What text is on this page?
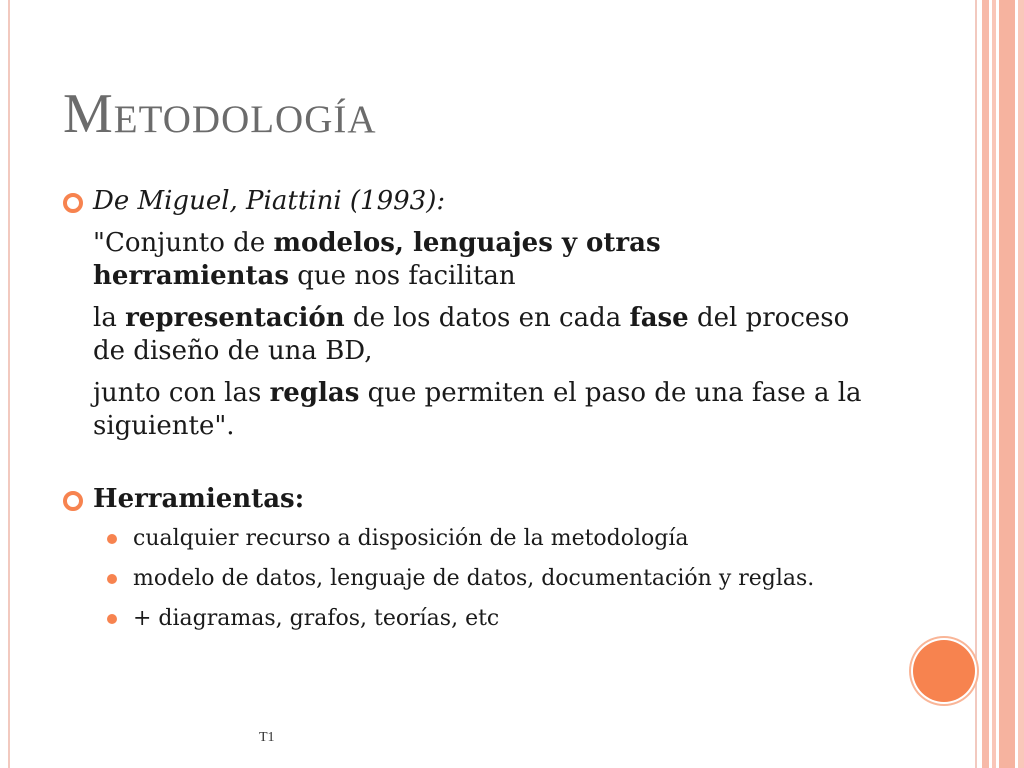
Metodología

De Miguel, Piattini (1993):

"Conjunto de modelos, lenguajes y otras herramientas que nos facilitan

la representación de los datos en cada fase del proceso de diseño de una BD,

junto con las reglas que permiten el paso de una fase a la siguiente".

Herramientas:

cualquier recurso a disposición de la metodología
modelo de datos, lenguaje de datos, documentación y reglas.
+ diagramas, grafos, teorías, etc
T1
